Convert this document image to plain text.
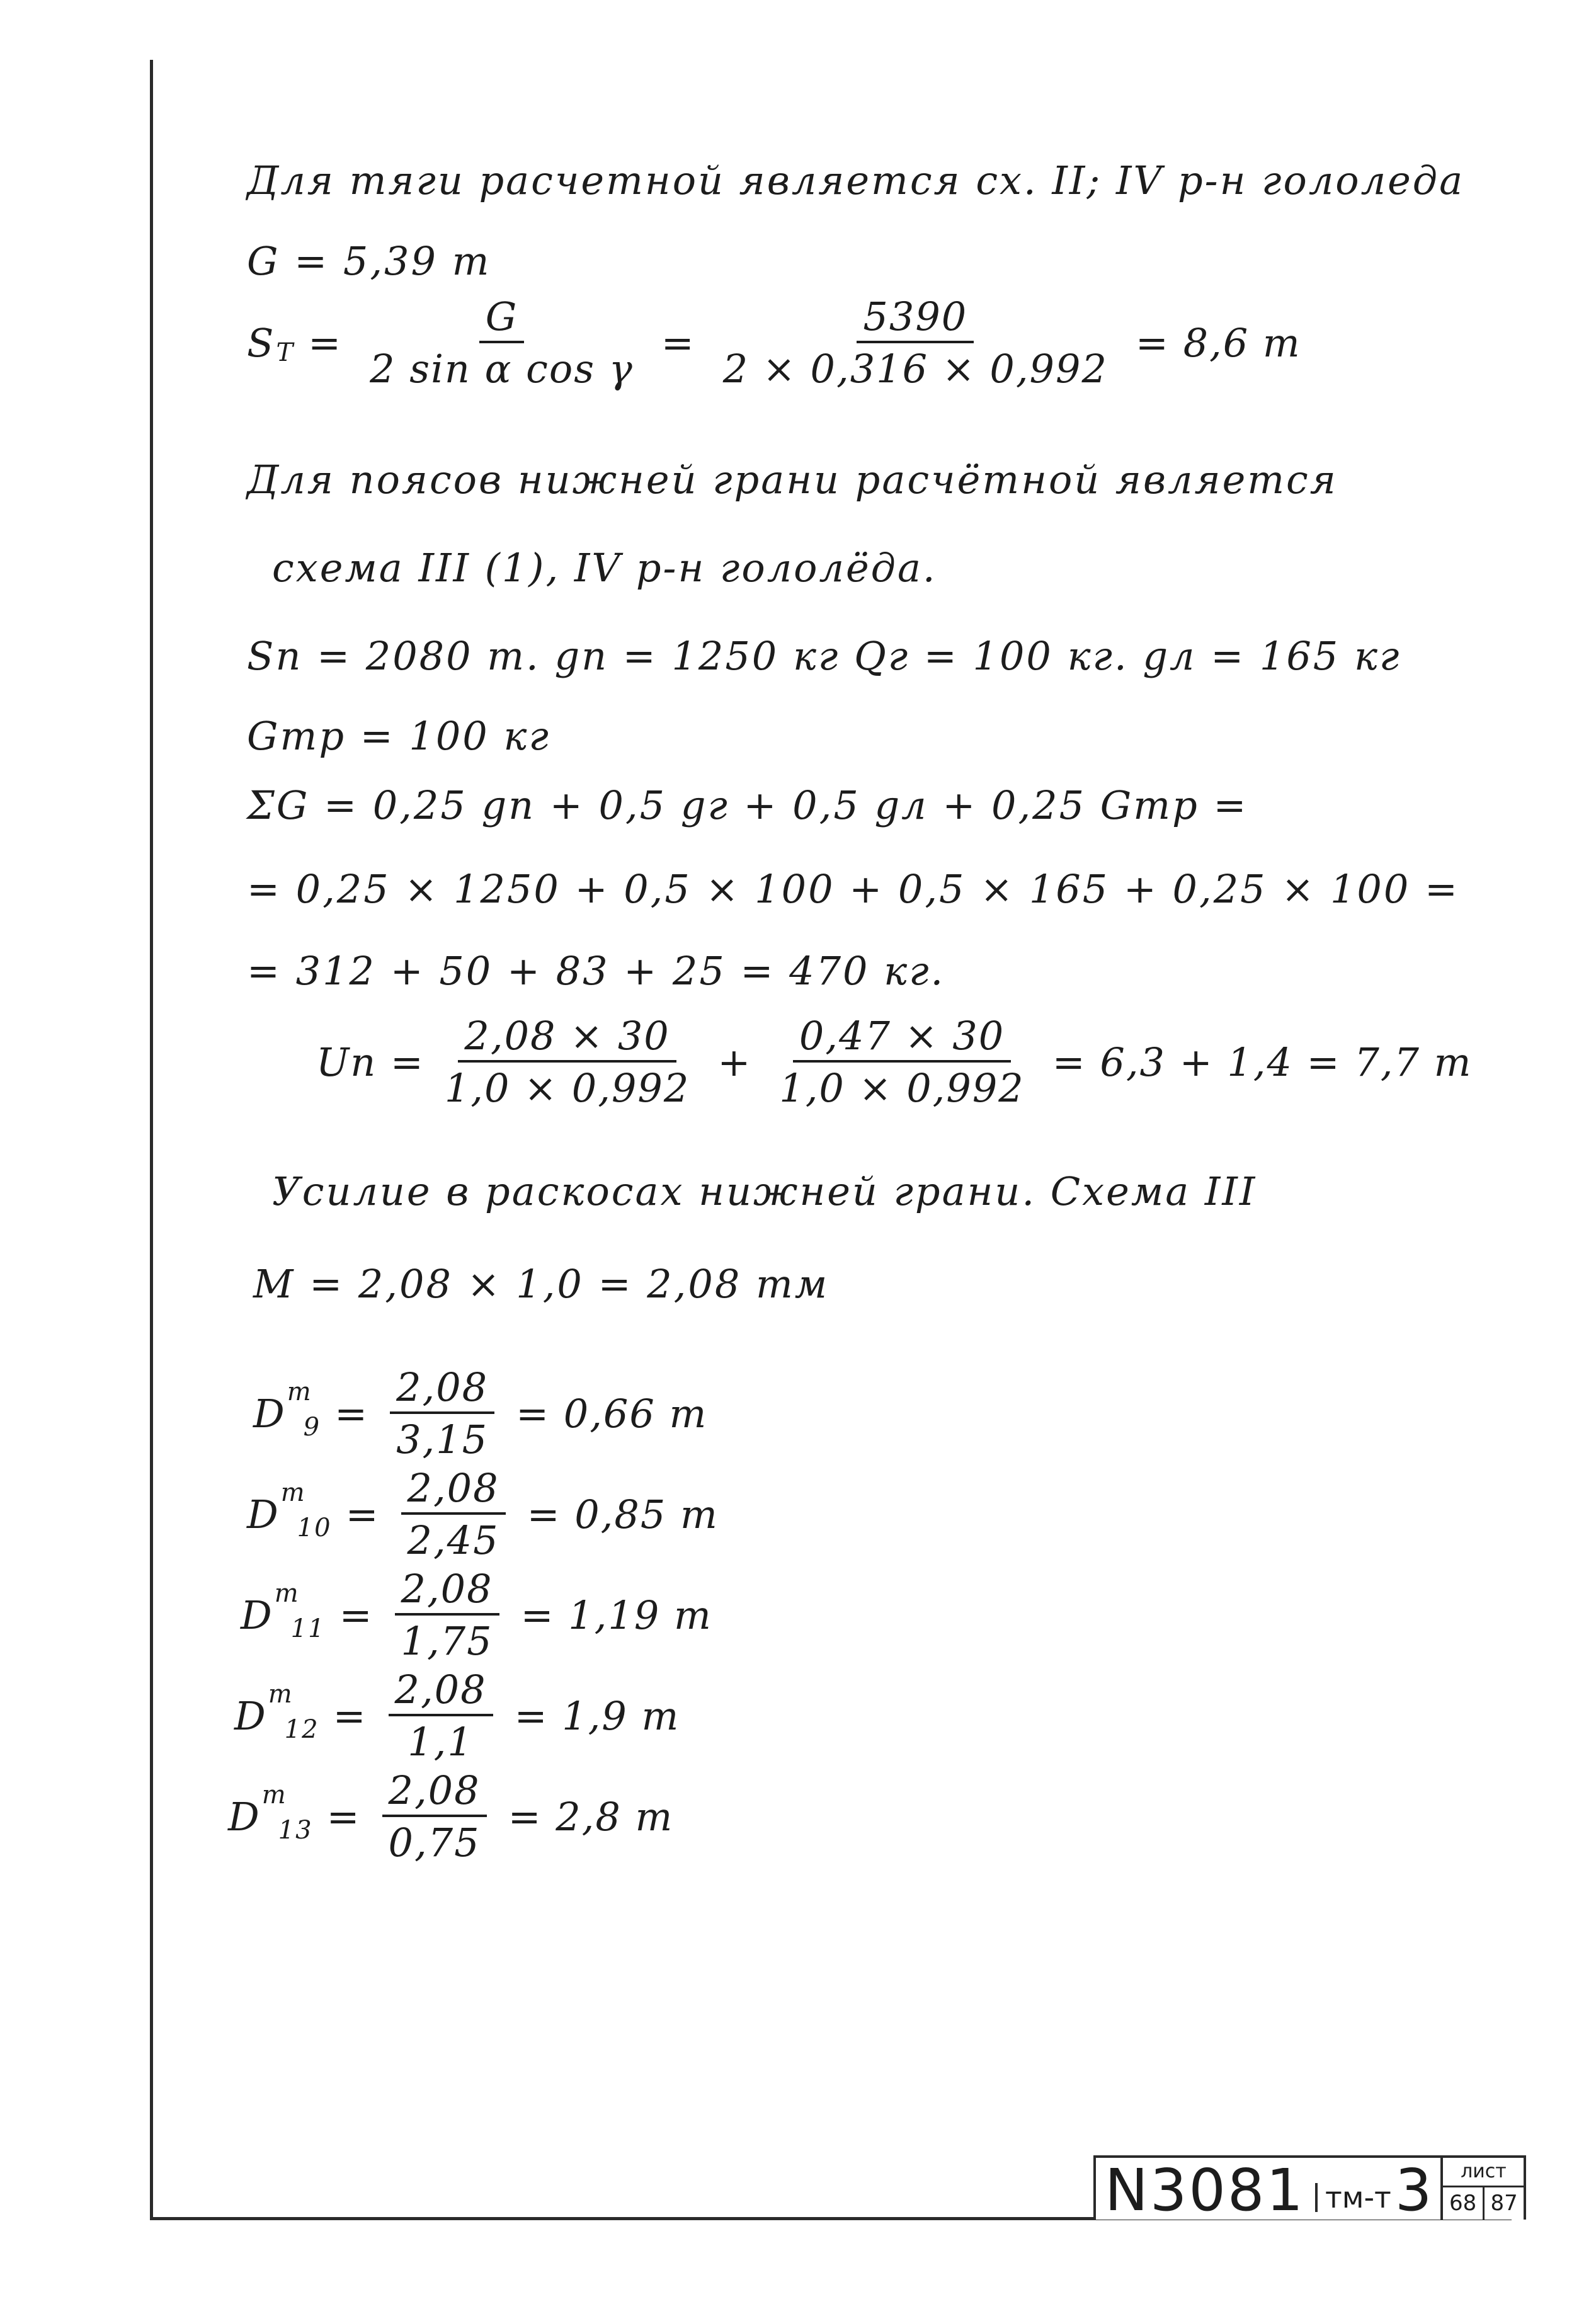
Для тяги расчетной является сх. II; IV р-н гололеда
G = 5,39 т
S $T = \frac{G}{\text{2 sin α cos γ}} = \frac{5390}{2 \times 0,316 \times 0,992} = 8,6$ т
Для поясов нижней грани расчётной является
схема III (1), IV р-н гололёда.
Sп = 2080 т. gп = 1250 кг Qг = 100 кг. gл = 165 кг
Gтр = 100 кг
ΣG = 0,25 gп + 0,5 gг + 0,5 gл + 0,25 Gтр =
= 0,25 × 1250 + 0,5 × 100 + 0,5 × 165 + 0,25 × 100 =
= 312 + 50 + 83 + 25 = 470 кг.
Uп = $\frac{2,08 \times 30}{1,0 \times 0,992} + \frac{0,47 \times 30}{1,0 \times 0,992} = 6,3 + 1,4 = 7,7$ т
Усилие в раскосах нижней грани. Схема III
M = 2,08 × 1,0 = 2,08 тм
D т
$9 = \frac{2,08}{3,15} = 0,66$ т
D т
$10 = \frac{2,08}{2,45} = 0,85$ т
D т
$11 = \frac{2,08}{1,75} = 1,19$ т
D т
$12 = \frac{2,08}{1,1} = 1,9$ т
D т
$13 = \frac{2,08}{0,75} = 2,8$ т
N3081 тм-т 3	лист
68 87
